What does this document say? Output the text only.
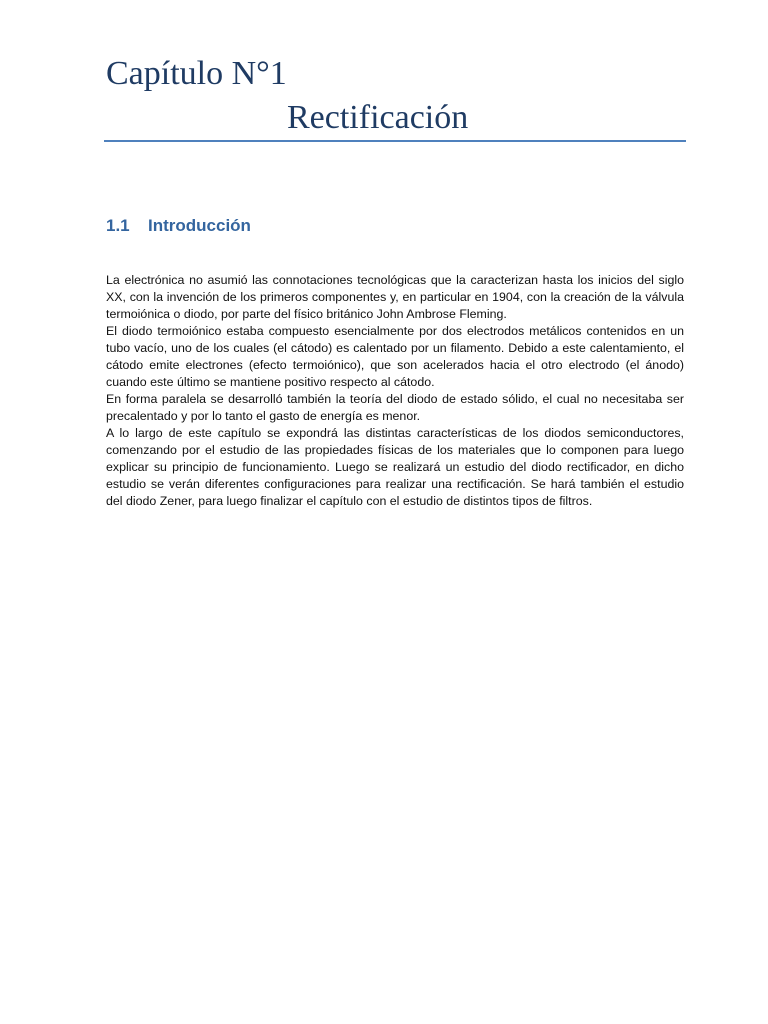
Capítulo N°1
Rectificación
1.1 Introducción

La electrónica no asumió las connotaciones tecnológicas que la caracterizan hasta los inicios del siglo XX, con la invención de los primeros componentes y, en particular en 1904, con la creación de la válvula termoiónica o diodo, por parte del físico británico John Ambrose Fleming.

El diodo termoiónico estaba compuesto esencialmente por dos electrodos metálicos contenidos en un tubo vacío, uno de los cuales (el cátodo) es calentado por un filamento. Debido a este calentamiento, el cátodo emite electrones (efecto termoiónico), que son acelerados hacia el otro electrodo (el ánodo) cuando este último se mantiene positivo respecto al cátodo.

En forma paralela se desarrolló también la teoría del diodo de estado sólido, el cual no necesitaba ser precalentado y por lo tanto el gasto de energía es menor.

A lo largo de este capítulo se expondrá las distintas características de los diodos semiconductores, comenzando por el estudio de las propiedades físicas de los materiales que lo componen para luego explicar su principio de funcionamiento. Luego se realizará un estudio del diodo rectificador, en dicho estudio se verán diferentes configuraciones para realizar una rectificación. Se hará también el estudio del diodo Zener, para luego finalizar el capítulo con el estudio de distintos tipos de filtros.
